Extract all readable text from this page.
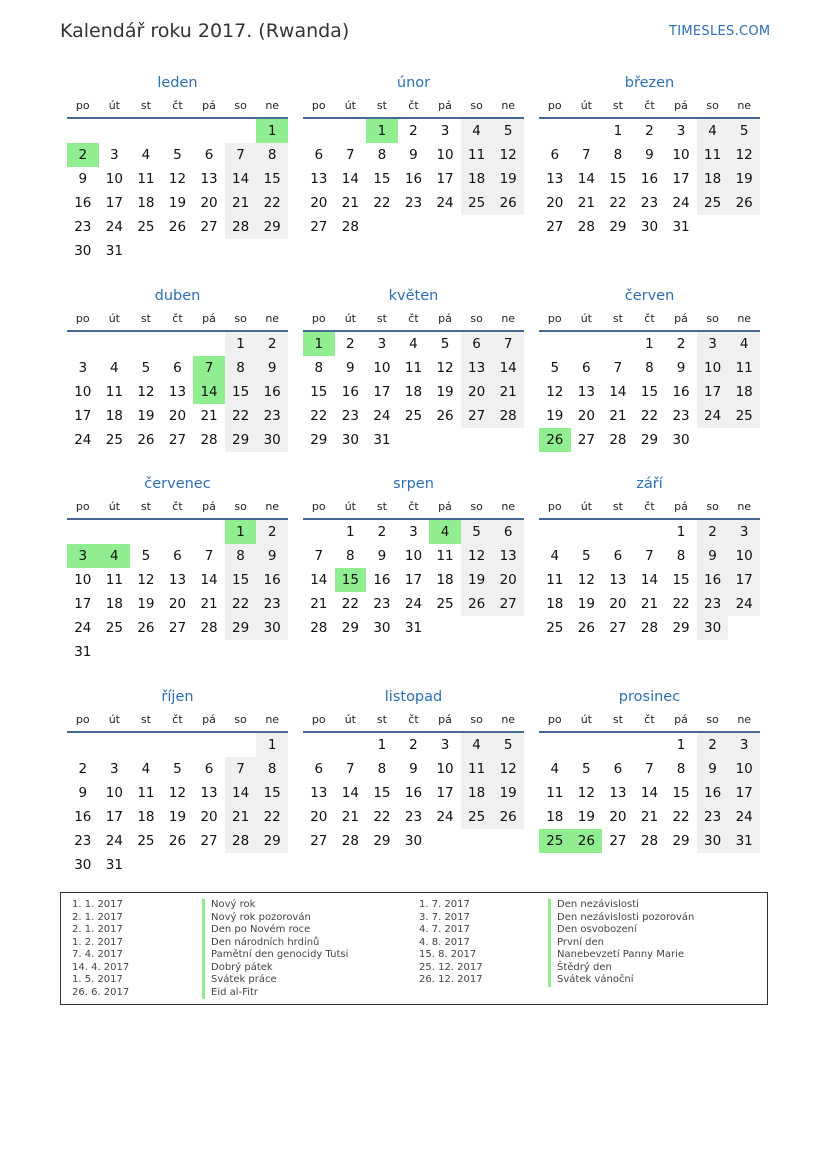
Kalendář roku 2017. (Rwanda)	TIMESLES.COM
leden
po	út	st	čt	pá	so	ne
						1
2	3	4	5	6	7	8
9	10	11	12	13	14	15
16	17	18	19	20	21	22
23	24	25	26	27	28	29
30	31					
únor
po	út	st	čt	pá	so	ne
		1	2	3	4	5
6	7	8	9	10	11	12
13	14	15	16	17	18	19
20	21	22	23	24	25	26
27	28					
březen
po	út	st	čt	pá	so	ne
		1	2	3	4	5
6	7	8	9	10	11	12
13	14	15	16	17	18	19
20	21	22	23	24	25	26
27	28	29	30	31		
duben
po	út	st	čt	pá	so	ne
					1	2
3	4	5	6	7	8	9
10	11	12	13	14	15	16
17	18	19	20	21	22	23
24	25	26	27	28	29	30
květen
po	út	st	čt	pá	so	ne
1	2	3	4	5	6	7
8	9	10	11	12	13	14
15	16	17	18	19	20	21
22	23	24	25	26	27	28
29	30	31				
červen
po	út	st	čt	pá	so	ne
			1	2	3	4
5	6	7	8	9	10	11
12	13	14	15	16	17	18
19	20	21	22	23	24	25
26	27	28	29	30		
červenec
po	út	st	čt	pá	so	ne
					1	2
3	4	5	6	7	8	9
10	11	12	13	14	15	16
17	18	19	20	21	22	23
24	25	26	27	28	29	30
31						
srpen
po	út	st	čt	pá	so	ne
	1	2	3	4	5	6
7	8	9	10	11	12	13
14	15	16	17	18	19	20
21	22	23	24	25	26	27
28	29	30	31			
září
po	út	st	čt	pá	so	ne
				1	2	3
4	5	6	7	8	9	10
11	12	13	14	15	16	17
18	19	20	21	22	23	24
25	26	27	28	29	30	
říjen
po	út	st	čt	pá	so	ne
						1
2	3	4	5	6	7	8
9	10	11	12	13	14	15
16	17	18	19	20	21	22
23	24	25	26	27	28	29
30	31					
listopad
po	út	st	čt	pá	so	ne
		1	2	3	4	5
6	7	8	9	10	11	12
13	14	15	16	17	18	19
20	21	22	23	24	25	26
27	28	29	30			
prosinec
po	út	st	čt	pá	so	ne
				1	2	3
4	5	6	7	8	9	10
11	12	13	14	15	16	17
18	19	20	21	22	23	24
25	26	27	28	29	30	31
1. 1. 2017	Nový rok
2. 1. 2017	Nový rok pozorován
2. 1. 2017	Den po Novém roce
1. 2. 2017	Den národních hrdinů
7. 4. 2017	Pamětní den genocidy Tutsi
14. 4. 2017	Dobrý pátek
1. 5. 2017	Svátek práce
26. 6. 2017	Eid al-Fitr
1. 7. 2017	Den nezávislosti
3. 7. 2017	Den nezávislosti pozorován
4. 7. 2017	Den osvobození
4. 8. 2017	První den
15. 8. 2017	Nanebevzetí Panny Marie
25. 12. 2017	Štědrý den
26. 12. 2017	Svátek vánoční
